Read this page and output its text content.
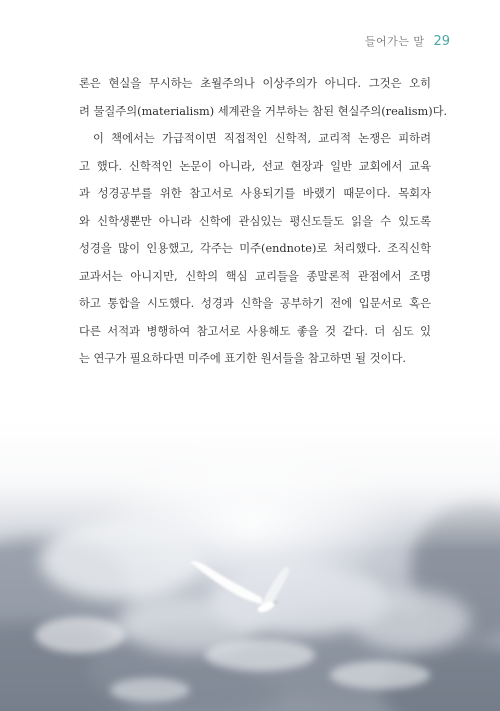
들어가는 말 29
론은 현실을 무시하는 초월주의나 이상주의가 아니다. 그것은 오히
려 물질주의(materialism) 세계관을 거부하는 참된 현실주의(realism)다.
이 책에서는 가급적이면 직접적인 신학적, 교리적 논쟁은 피하려
고 했다. 신학적인 논문이 아니라, 선교 현장과 일반 교회에서 교육
과 성경공부를 위한 참고서로 사용되기를 바랬기 때문이다. 목회자
와 신학생뿐만 아니라 신학에 관심있는 평신도들도 읽을 수 있도록
성경을 많이 인용했고, 각주는 미주(endnote)로 처리했다. 조직신학
교과서는 아니지만, 신학의 핵심 교리들을 종말론적 관점에서 조명
하고 통합을 시도했다. 성경과 신학을 공부하기 전에 입문서로 혹은
다른 서적과 병행하여 참고서로 사용해도 좋을 것 같다. 더 심도 있
는 연구가 필요하다면 미주에 표기한 원서들을 참고하면 될 것이다.
